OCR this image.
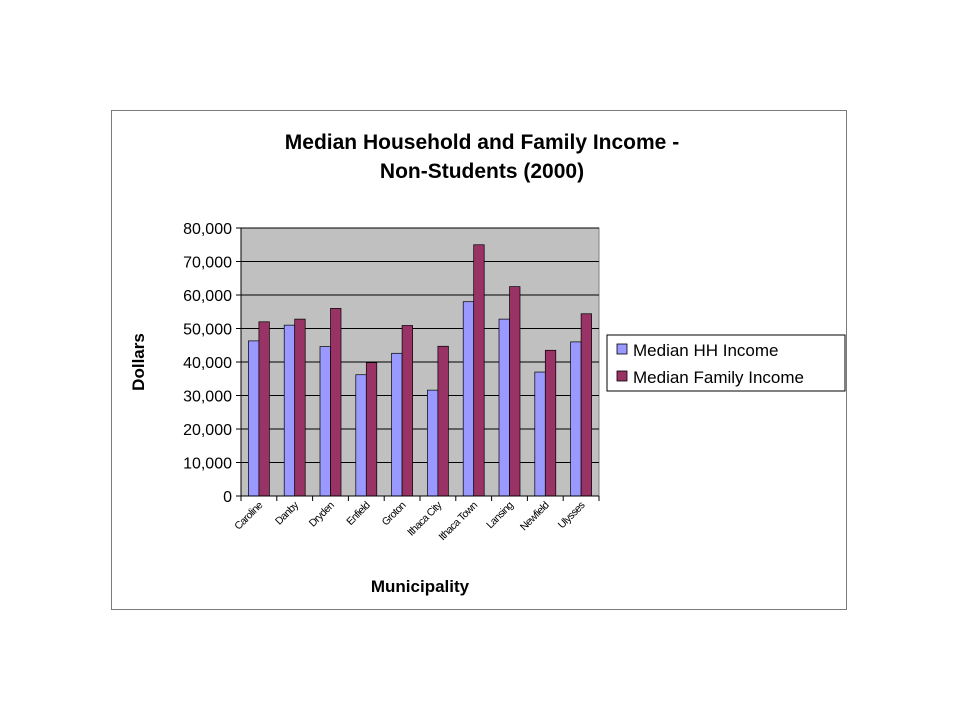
Median Household and Family Income -
Non-Students (2000)
0
10,000
20,000
30,000
40,000
50,000
60,000
70,000
80,000
Caroline Danby Dryden Enfield Groton
Ithaca City
Ithaca Town Lansing Newfield Ulysses
Dollars
Municipality
Median HH Income
Median Family Income
